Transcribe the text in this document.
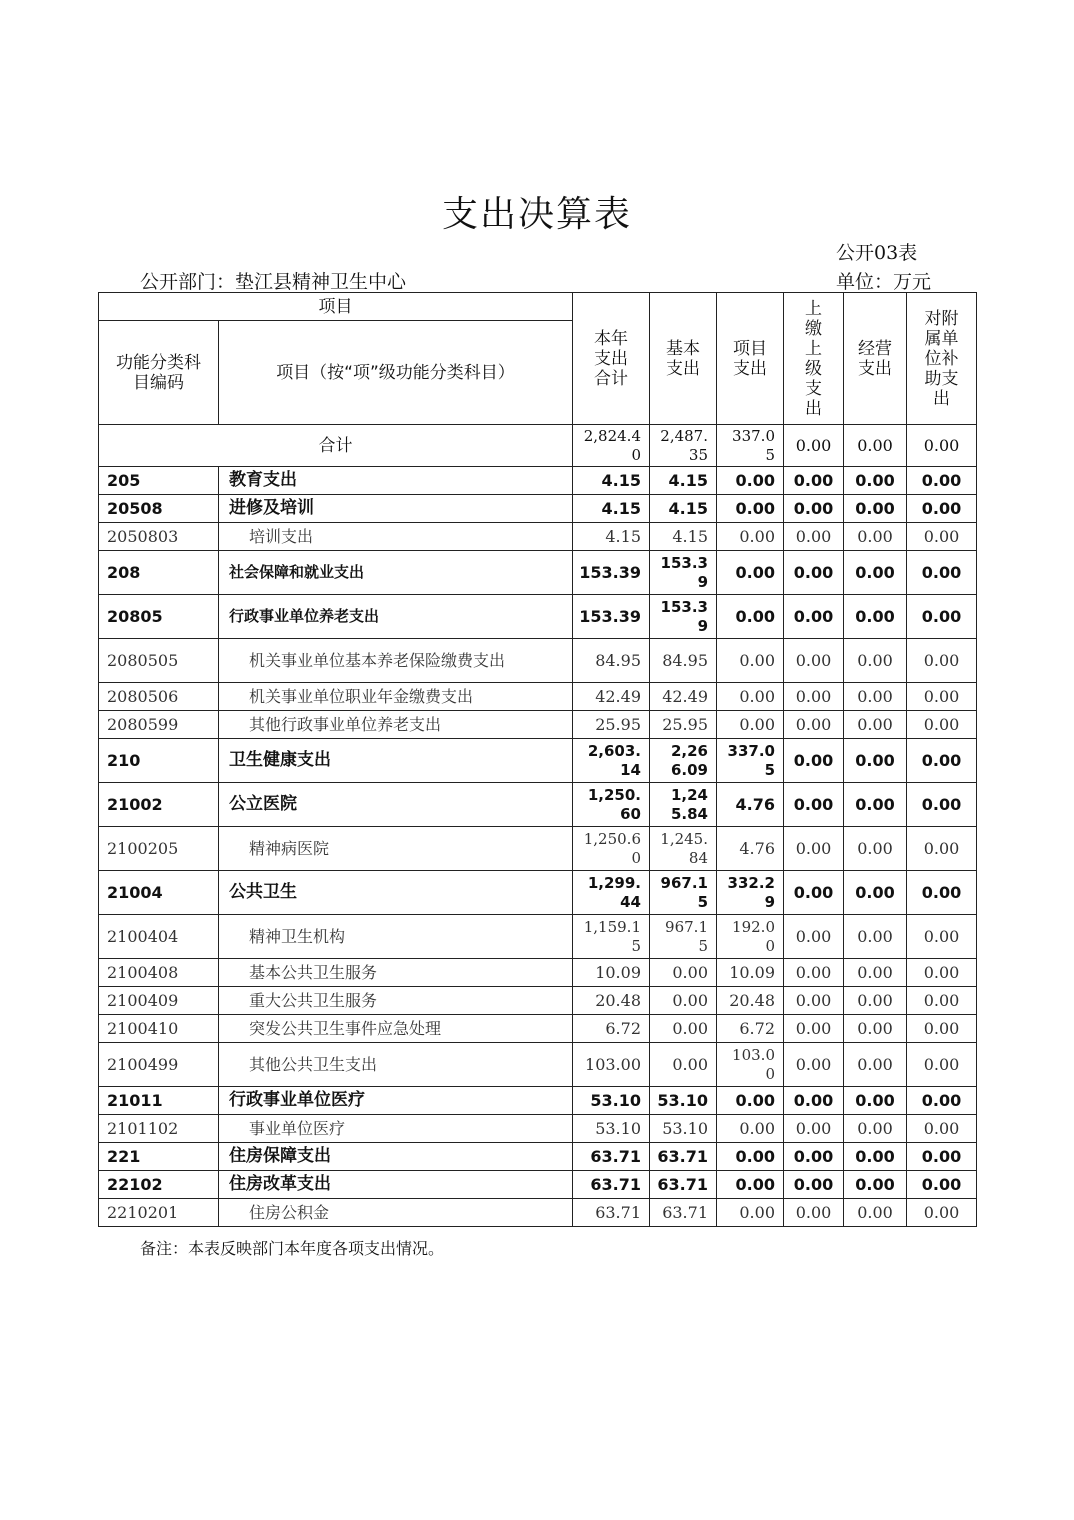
支出决算表
公开03表
公开部门：垫江县精神卫生中心	单位：万元
项目		本年支出合计	基本支出	项目支出	上缴上级支出	经营支出	对附属单位补助支出

功能分类科目编码	项目（按“项”级功能分类科目）						
合计		2,824.40	2,487.35	337.05	0.00	0.00	0.00
205	教育支出	4.15	4.15	0.00	0.00	0.00	0.00
20508	进修及培训	4.15	4.15	0.00	0.00	0.00	0.00
2050803	培训支出	4.15	4.15	0.00	0.00	0.00	0.00
208	社会保障和就业支出	153.39	153.39	0.00	0.00	0.00	0.00
20805	行政事业单位养老支出	153.39	153.39	0.00	0.00	0.00	0.00
2080505	机关事业单位基本养老保险缴费支出	84.95	84.95	0.00	0.00	0.00	0.00
2080506	机关事业单位职业年金缴费支出	42.49	42.49	0.00	0.00	0.00	0.00
2080599	其他行政事业单位养老支出	25.95	25.95	0.00	0.00	0.00	0.00
210	卫生健康支出	2,603.14	2,266.09	337.05	0.00	0.00	0.00
21002	公立医院	1,250.60	1,245.84	4.76	0.00	0.00	0.00
2100205	精神病医院	1,250.60	1,245.84	4.76	0.00	0.00	0.00
21004	公共卫生	1,299.44	967.15	332.29	0.00	0.00	0.00
2100404	精神卫生机构	1,159.15	967.15	192.00	0.00	0.00	0.00
2100408	基本公共卫生服务	10.09	0.00	10.09	0.00	0.00	0.00
2100409	重大公共卫生服务	20.48	0.00	20.48	0.00	0.00	0.00
2100410	突发公共卫生事件应急处理	6.72	0.00	6.72	0.00	0.00	0.00
2100499	其他公共卫生支出	103.00	0.00	103.00	0.00	0.00	0.00
21011	行政事业单位医疗	53.10	53.10	0.00	0.00	0.00	0.00
2101102	事业单位医疗	53.10	53.10	0.00	0.00	0.00	0.00
221	住房保障支出	63.71	63.71	0.00	0.00	0.00	0.00
22102	住房改革支出	63.71	63.71	0.00	0.00	0.00	0.00
2210201	住房公积金	63.71	63.71	0.00	0.00	0.00	0.00
备注：本表反映部门本年度各项支出情况。
